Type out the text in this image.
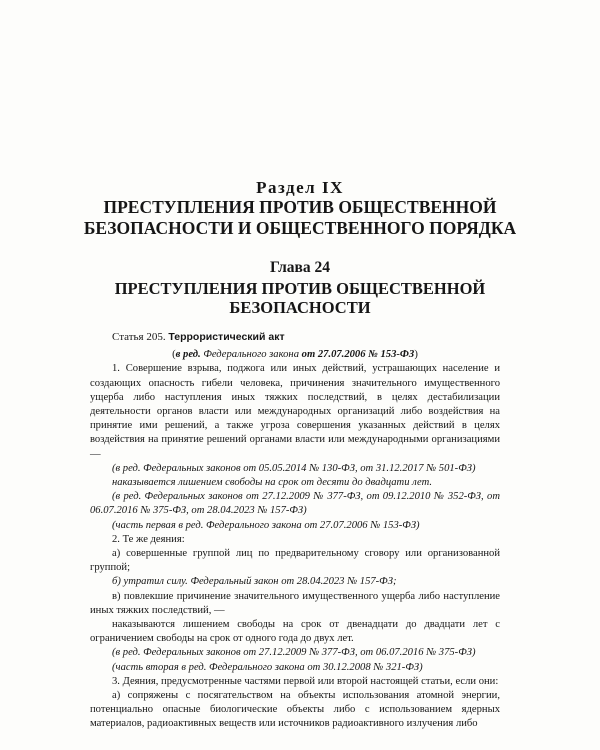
Раздел IX
ПРЕСТУПЛЕНИЯ ПРОТИВ ОБЩЕСТВЕННОЙ
БЕЗОПАСНОСТИ И ОБЩЕСТВЕННОГО ПОРЯДКА
Глава 24
ПРЕСТУПЛЕНИЯ ПРОТИВ ОБЩЕСТВЕННОЙ
БЕЗОПАСНОСТИ

Статья 205. Террористический акт

(в ред. Федерального закона от 27.07.2006 № 153-ФЗ)

1. Совершение взрыва, поджога или иных действий, устрашающих население и создающих опасность гибели человека, причинения значительного имущественного ущерба либо наступления иных тяжких последствий, в целях дестабилизации деятельности органов власти или международных организаций либо воздействия на принятие ими решений, а также угроза совершения указанных действий в целях воздействия на принятие решений органами власти или международными организациями —

(в ред. Федеральных законов от 05.05.2014 № 130-ФЗ, от 31.12.2017 № 501-ФЗ)

наказывается лишением свободы на срок от десяти до двадцати лет.

(в ред. Федеральных законов от 27.12.2009 № 377-ФЗ, от 09.12.2010 № 352-ФЗ, от 06.07.2016 № 375-ФЗ, от 28.04.2023 № 157-ФЗ)

(часть первая в ред. Федерального закона от 27.07.2006 № 153-ФЗ)

2. Те же деяния:

а) совершенные группой лиц по предварительному сговору или организованной группой;

б) утратил силу. Федеральный закон от 28.04.2023 № 157-ФЗ;

в) повлекшие причинение значительного имущественного ущерба либо наступление иных тяжких последствий, —

наказываются лишением свободы на срок от двенадцати до двадцати лет с ограничением свободы на срок от одного года до двух лет.

(в ред. Федеральных законов от 27.12.2009 № 377-ФЗ, от 06.07.2016 № 375-ФЗ)

(часть вторая в ред. Федерального закона от 30.12.2008 № 321-ФЗ)

3. Деяния, предусмотренные частями первой или второй настоящей статьи, если они:

а) сопряжены с посягательством на объекты использования атомной энергии, потенциально опасные биологические объекты либо с использованием ядерных материалов, радиоактивных веществ или источников радиоактивного излучения либо
